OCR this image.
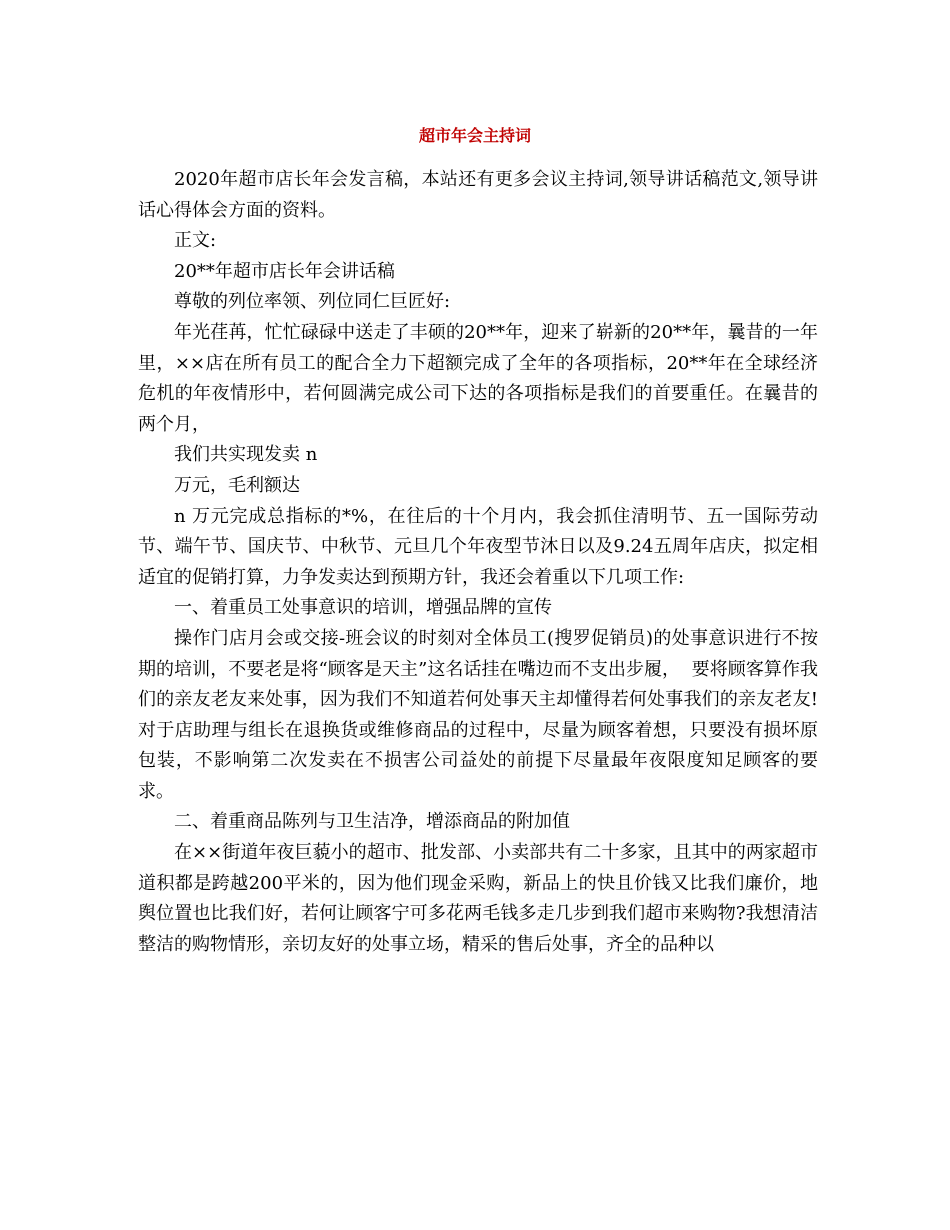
超市年会主持词

2020年超市店长年会发言稿，本站还有更多会议主持词,领导讲话稿范文,领导讲话心得体会方面的资料。

正文:

20**年超市店长年会讲话稿

尊敬的列位率领、列位同仁巨匠好:

年光荏苒，忙忙碌碌中送走了丰硕的20**年，迎来了崭新的20**年，曩昔的一年里，××店在所有员工的配合全力下超额完成了全年的各项指标，20**年在全球经济危机的年夜情形中，若何圆满完成公司下达的各项指标是我们的首要重任。在曩昔的两个月，

我们共实现发卖 n

万元，毛利额达

n 万元完成总指标的*%，在往后的十个月内，我会抓住清明节、五一国际劳动节、端午节、国庆节、中秋节、元旦几个年夜型节沐日以及9.24五周年店庆，拟定相适宜的促销打算，力争发卖达到预期方针，我还会着重以下几项工作:

一、着重员工处事意识的培训，增强品牌的宣传

操作门店月会或交接-班会议的时刻对全体员工(搜罗促销员)的处事意识进行不按期的培训，不要老是将“顾客是天主”这名话挂在嘴边而不支出步履，  要将顾客算作我们的亲友老友来处事，因为我们不知道若何处事天主却懂得若何处事我们的亲友老友!对于店助理与组长在退换货或维修商品的过程中，尽量为顾客着想，只要没有损坏原包装，不影响第二次发卖在不损害公司益处的前提下尽量最年夜限度知足顾客的要求。

二、着重商品陈列与卫生洁净，增添商品的附加值

在××街道年夜巨藐小的超市、批发部、小卖部共有二十多家，且其中的两家超市道积都是跨越200平米的，因为他们现金采购，新品上的快且价钱又比我们廉价，地舆位置也比我们好，若何让顾客宁可多花两毛钱多走几步到我们超市来购物?我想清洁整洁的购物情形，亲切友好的处事立场，精采的售后处事，齐全的品种以
